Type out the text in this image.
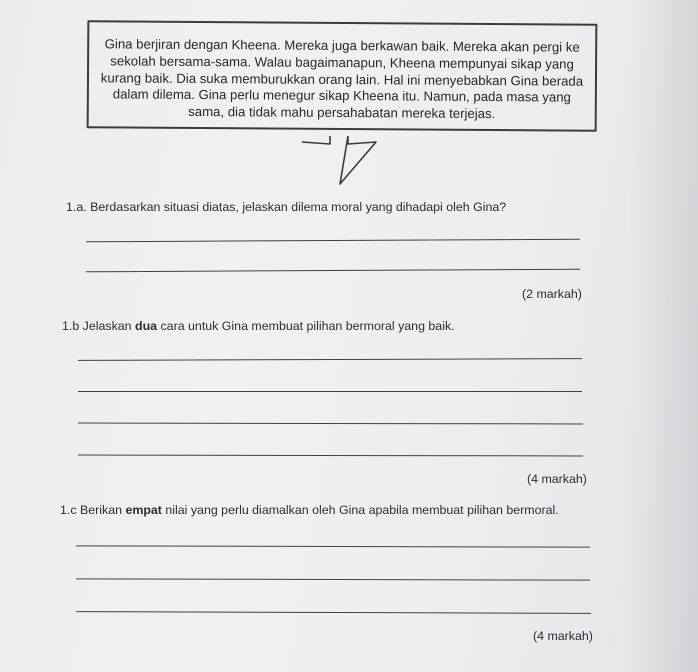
Gina berjiran dengan Kheena. Mereka juga berkawan baik. Mereka akan pergi ke sekolah bersama-sama. Walau bagaimanapun, Kheena mempunyai sikap yang kurang baik. Dia suka memburukkan orang lain. Hal ini menyebabkan Gina berada dalam dilema. Gina perlu menegur sikap Kheena itu. Namun, pada masa yang sama, dia tidak mahu persahabatan mereka terjejas.

1.a. Berdasarkan situasi diatas, jelaskan dilema moral yang dihadapi oleh Gina?
(2 markah)
1.b Jelaskan dua cara untuk Gina membuat pilihan bermoral yang baik.
(4 markah)
1.c Berikan empat nilai yang perlu diamalkan oleh Gina apabila membuat pilihan bermoral.
(4 markah)
